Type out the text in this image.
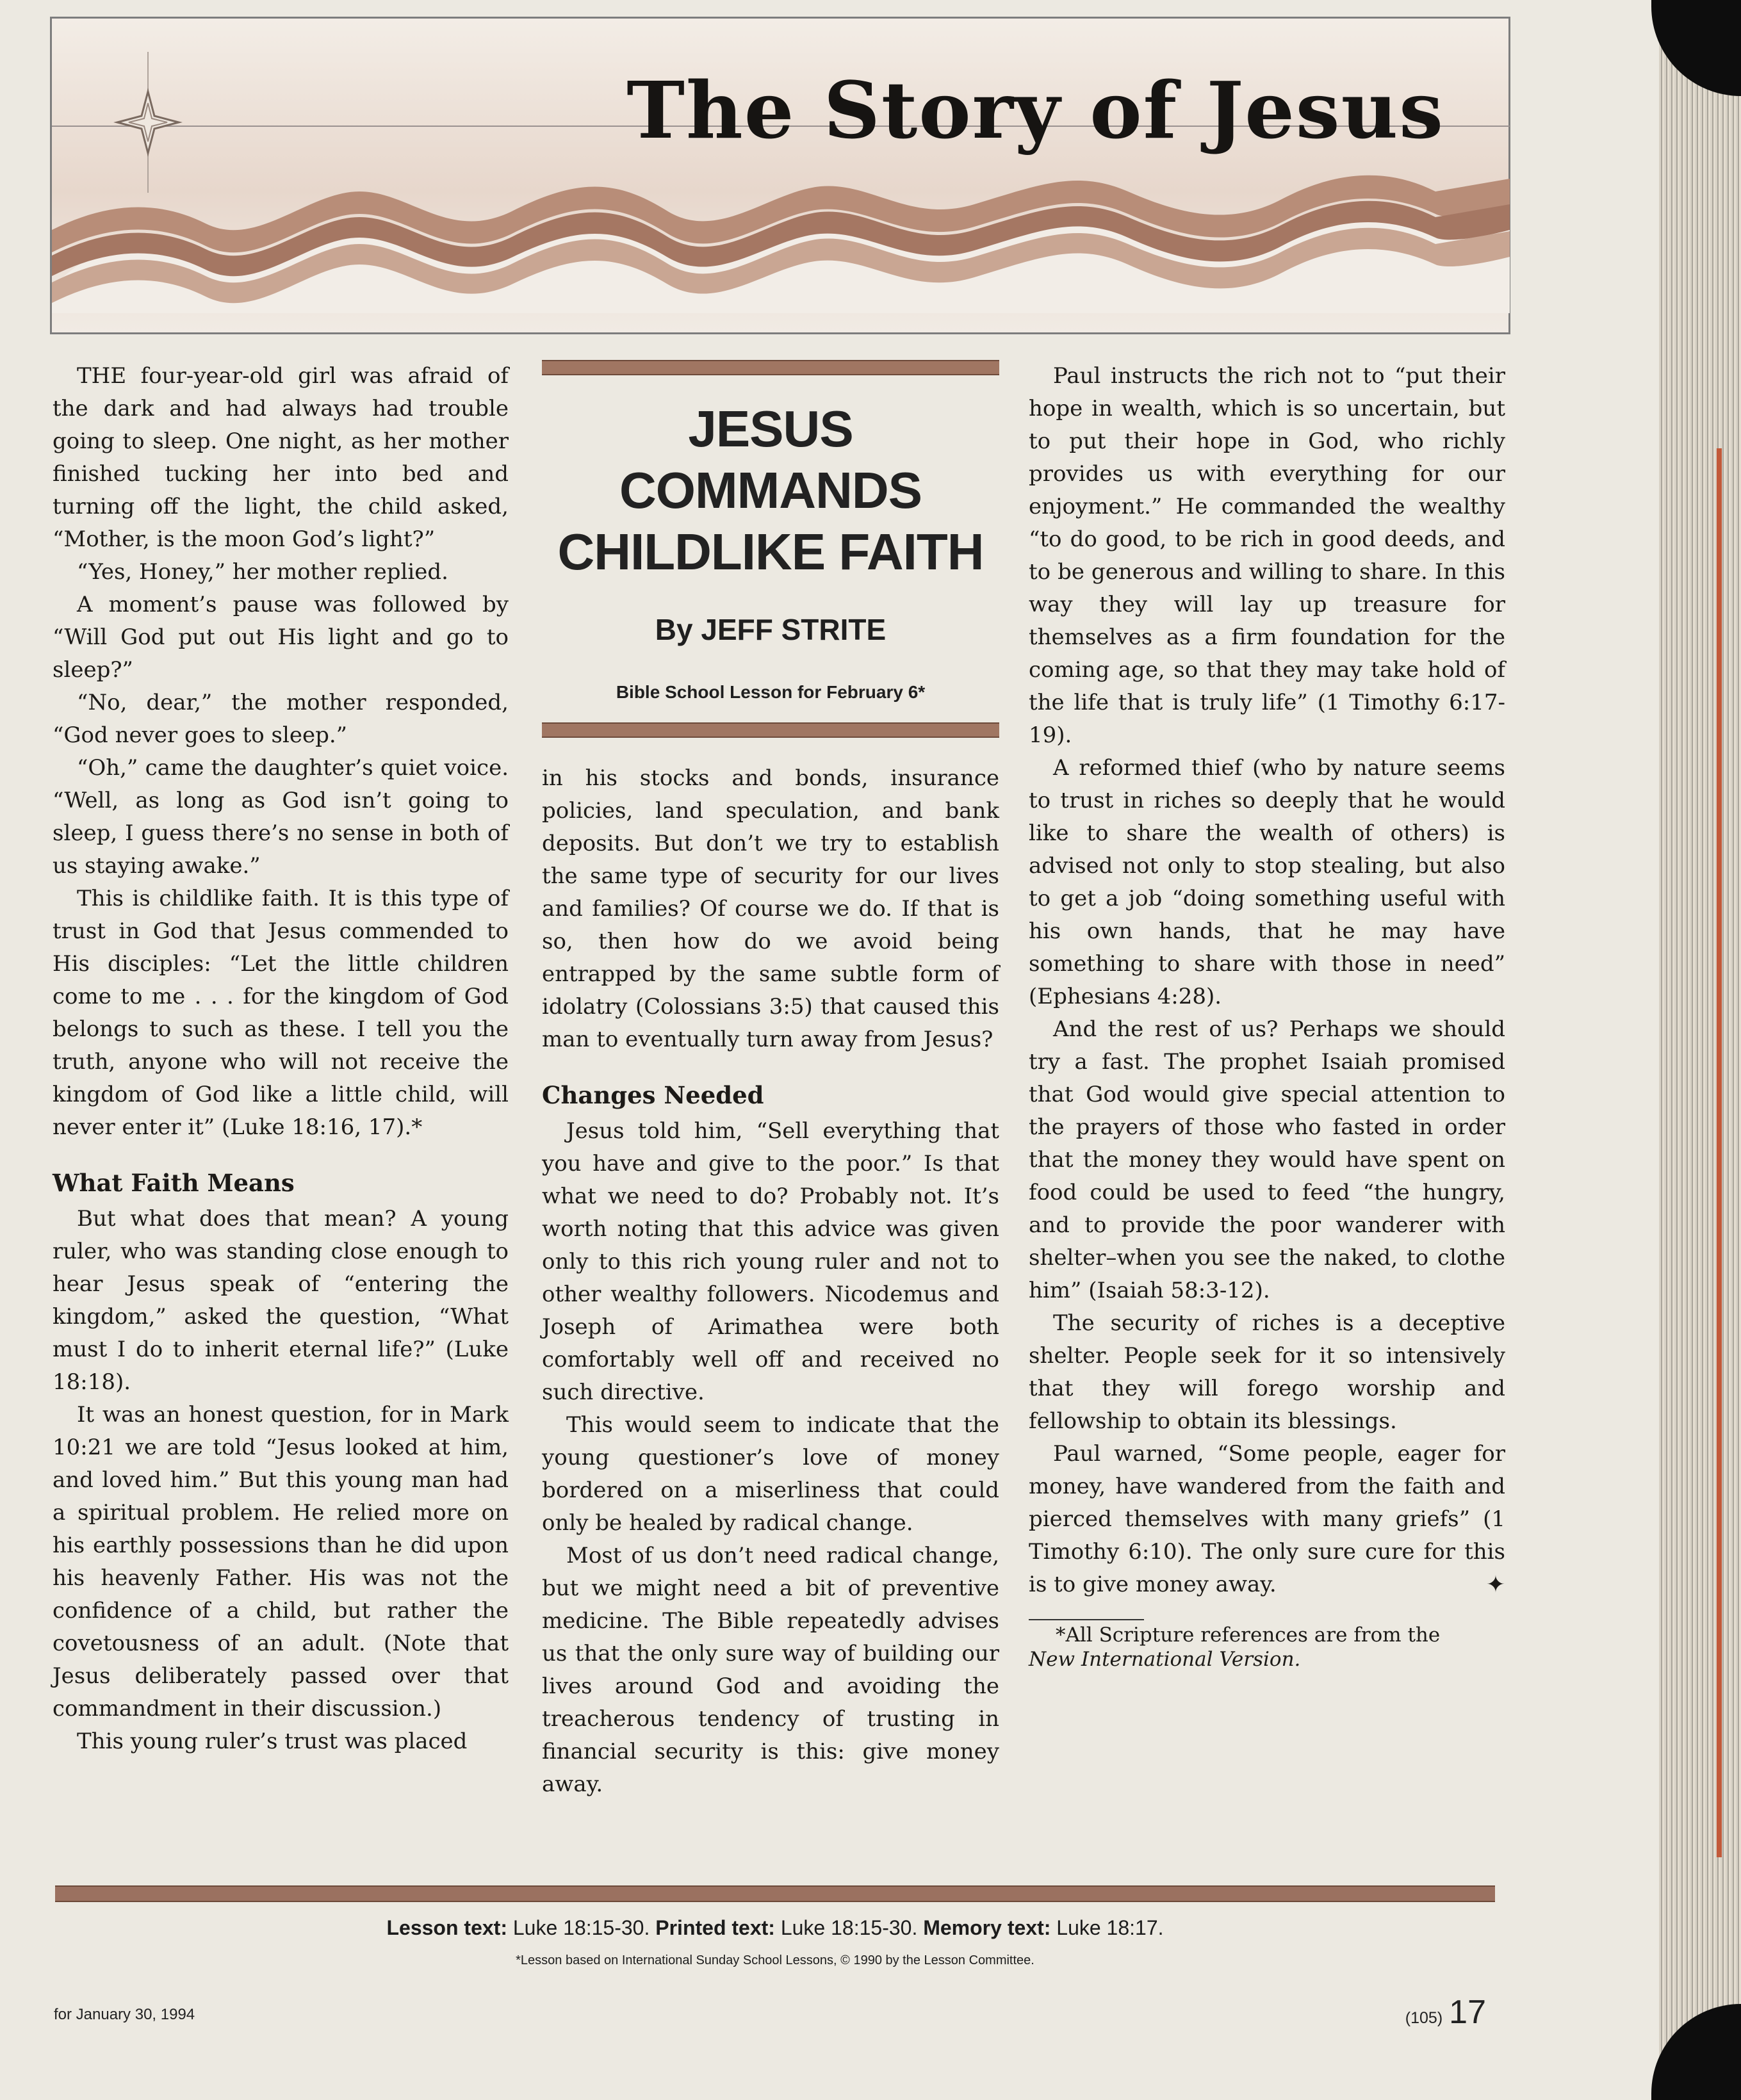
The Story of Jesus

THE four-year-old girl was afraid of the dark and had always had trouble going to sleep. One night, as her mother finished tucking her into bed and turning off the light, the child asked, “Mother, is the moon God’s light?”

“Yes, Honey,” her mother replied.

A moment’s pause was followed by “Will God put out His light and go to sleep?”

“No, dear,” the mother responded, “God never goes to sleep.”

“Oh,” came the daughter’s quiet voice. “Well, as long as God isn’t going to sleep, I guess there’s no sense in both of us staying awake.”

This is childlike faith. It is this type of trust in God that Jesus commended to His disciples: “Let the little children come to me . . . for the kingdom of God belongs to such as these. I tell you the truth, anyone who will not receive the kingdom of God like a little child, will never enter it” (Luke 18:16, 17).*

What Faith Means

But what does that mean? A young ruler, who was standing close enough to hear Jesus speak of “entering the kingdom,” asked the question, “What must I do to inherit eternal life?” (Luke 18:18).

It was an honest question, for in Mark 10:21 we are told “Jesus looked at him, and loved him.” But this young man had a spiritual problem. He relied more on his earthly possessions than he did upon his heavenly Father. His was not the confidence of a child, but rather the covetousness of an adult. (Note that Jesus deliberately passed over that commandment in their discussion.)

This young ruler’s trust was placed

JESUS
COMMANDS
CHILDLIKE FAITH
By JEFF STRITE
Bible School Lesson for February 6*

in his stocks and bonds, insurance policies, land speculation, and bank deposits. But don’t we try to establish the same type of security for our lives and families? Of course we do. If that is so, then how do we avoid being entrapped by the same subtle form of idolatry (Colossians 3:5) that caused this man to eventually turn away from Jesus?

Changes Needed

Jesus told him, “Sell everything that you have and give to the poor.” Is that what we need to do? Probably not. It’s worth noting that this advice was given only to this rich young ruler and not to other wealthy followers. Nicodemus and Joseph of Arimathea were both comfortably well off and received no such directive.

This would seem to indicate that the young questioner’s love of money bordered on a miserliness that could only be healed by radical change.

Most of us don’t need radical change, but we might need a bit of preventive medicine. The Bible repeatedly advises us that the only sure way of building our lives around God and avoiding the treacherous tendency of trusting in financial security is this: give money away.

Paul instructs the rich not to “put their hope in wealth, which is so uncertain, but to put their hope in God, who richly provides us with everything for our enjoyment.” He commanded the wealthy “to do good, to be rich in good deeds, and to be generous and willing to share. In this way they will lay up treasure for themselves as a firm foundation for the coming age, so that they may take hold of the life that is truly life” (1 Timothy 6:17-19).

A reformed thief (who by nature seems to trust in riches so deeply that he would like to share the wealth of others) is advised not only to stop stealing, but also to get a job “doing something useful with his own hands, that he may have something to share with those in need” (Ephesians 4:28).

And the rest of us? Perhaps we should try a fast. The prophet Isaiah promised that God would give special attention to the prayers of those who fasted in order that the money they would have spent on food could be used to feed “the hungry, and to provide the poor wanderer with shelter–when you see the naked, to clothe him” (Isaiah 58:3-12).

The security of riches is a deceptive shelter. People seek for it so intensively that they will forego worship and fellowship to obtain its blessings.

Paul warned, “Some people, eager for money, have wandered from the faith and pierced themselves with many griefs” (1 Timothy 6:10). The only sure cure for this is to give money away.	✦

*All Scripture references are from the
New International Version.
Lesson text: Luke 18:15-30. Printed text: Luke 18:15-30. Memory text: Luke 18:17.
*Lesson based on International Sunday School Lessons, © 1990 by the Lesson Committee.
for January 30, 1994	(105) 17
